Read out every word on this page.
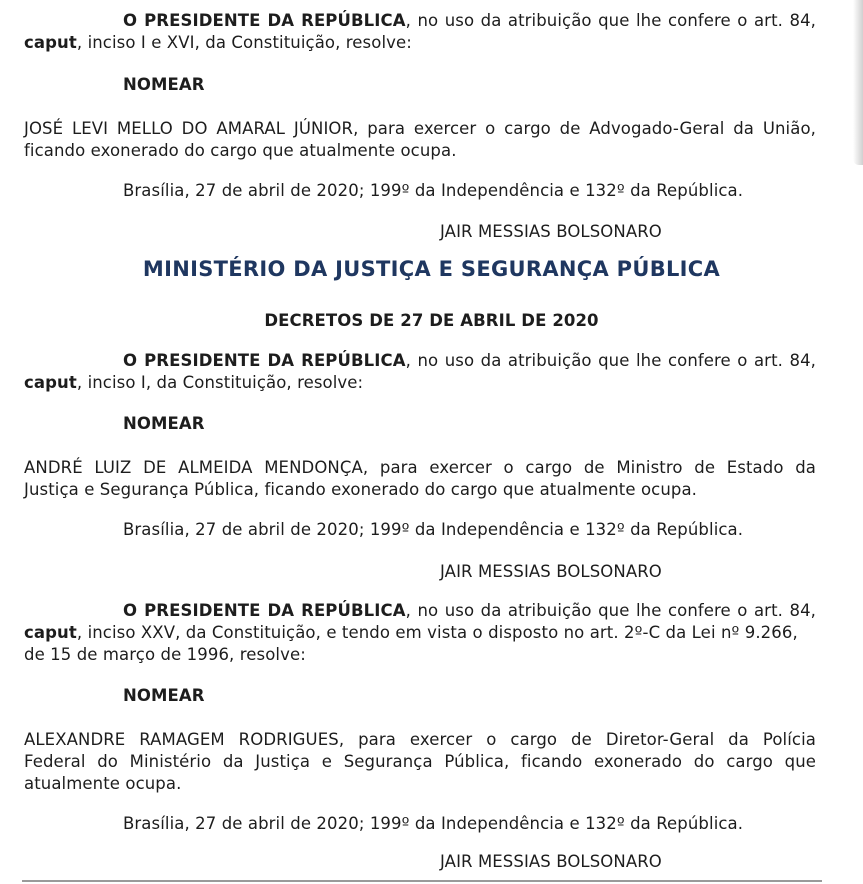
O PRESIDENTE DA REPÚBLICA, no uso da atribuição que lhe confere o art. 84,
caput, inciso I e XVI, da Constituição, resolve:
NOMEAR
JOSÉ LEVI MELLO DO AMARAL JÚNIOR, para exercer o cargo de Advogado-Geral da União,
ficando exonerado do cargo que atualmente ocupa.
Brasília, 27 de abril de 2020; 199º da Independência e 132º da República.
JAIR MESSIAS BOLSONARO
MINISTÉRIO DA JUSTIÇA E SEGURANÇA PÚBLICA
DECRETOS DE 27 DE ABRIL DE 2020
O PRESIDENTE DA REPÚBLICA, no uso da atribuição que lhe confere o art. 84,
caput, inciso I, da Constituição, resolve:
NOMEAR
ANDRÉ LUIZ DE ALMEIDA MENDONÇA, para exercer o cargo de Ministro de Estado da
Justiça e Segurança Pública, ficando exonerado do cargo que atualmente ocupa.
Brasília, 27 de abril de 2020; 199º da Independência e 132º da República.
JAIR MESSIAS BOLSONARO
O PRESIDENTE DA REPÚBLICA, no uso da atribuição que lhe confere o art. 84,
caput, inciso XXV, da Constituição, e tendo em vista o disposto no art. 2º-C da Lei nº 9.266,
de 15 de março de 1996, resolve:
NOMEAR
ALEXANDRE RAMAGEM RODRIGUES, para exercer o cargo de Diretor-Geral da Polícia
Federal do Ministério da Justiça e Segurança Pública, ficando exonerado do cargo que
atualmente ocupa.
Brasília, 27 de abril de 2020; 199º da Independência e 132º da República.
JAIR MESSIAS BOLSONARO
